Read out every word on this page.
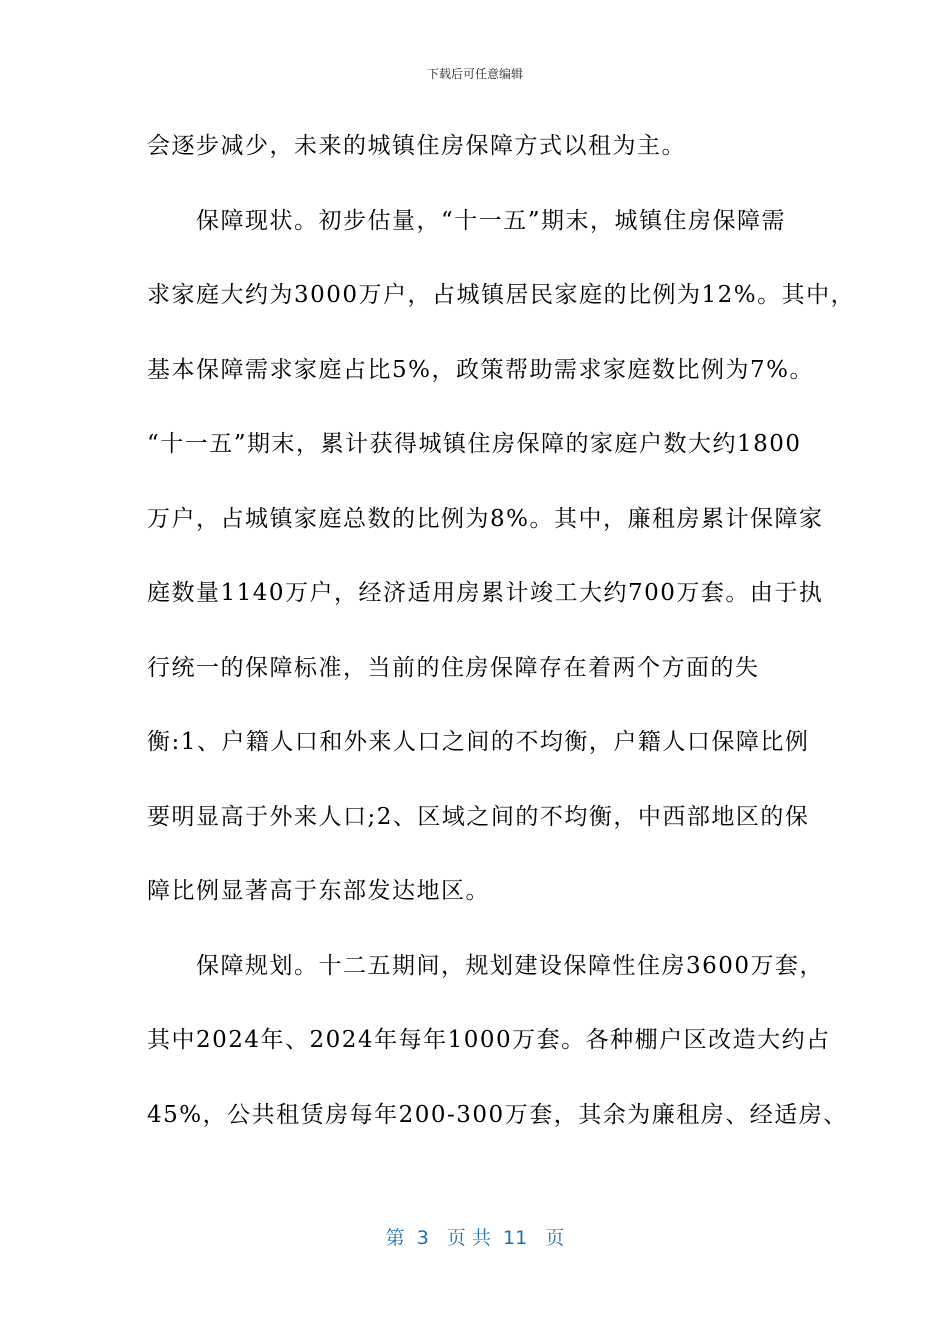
下载后可任意编辑
会逐步减少，未来的城镇住房保障方式以租为主。
　　保障现状。初步估量，“十一五”期末，城镇住房保障需
求家庭大约为3000万户，占城镇居民家庭的比例为12%。其中，
基本保障需求家庭占比5%，政策帮助需求家庭数比例为7%。
“十一五”期末，累计获得城镇住房保障的家庭户数大约1800
万户，占城镇家庭总数的比例为8%。其中，廉租房累计保障家
庭数量1140万户，经济适用房累计竣工大约700万套。由于执
行统一的保障标准，当前的住房保障存在着两个方面的失
衡:1、户籍人口和外来人口之间的不均衡，户籍人口保障比例
要明显高于外来人口;2、区域之间的不均衡，中西部地区的保
障比例显著高于东部发达地区。
　　保障规划。十二五期间，规划建设保障性住房3600万套，
其中2024年、2024年每年1000万套。各种棚户区改造大约占
45%，公共租赁房每年200-300万套，其余为廉租房、经适房、
第  3   页 共  11   页
